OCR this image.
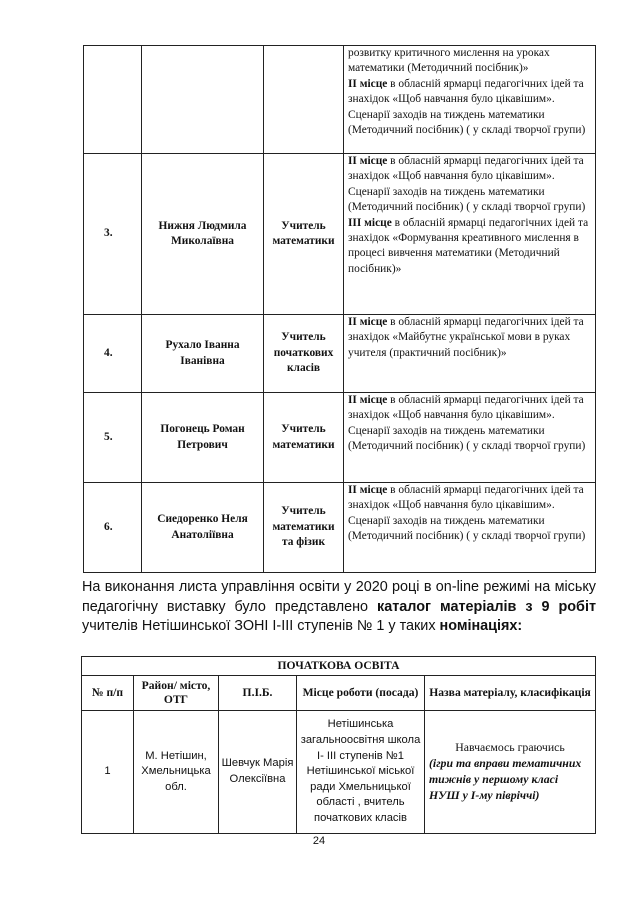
			розвитку критичного мислення на уроках математики (Методичний посібник)»
ІІ місце в обласній ярмарці педагогічних ідей та знахідок «Щоб навчання було цікавішим». Сценарії заходів на тиждень математики (Методичний посібник) ( у складі творчої групи)

3.	Нижня Людмила Миколаївна	Учитель математики	ІІ місце в обласній ярмарці педагогічних ідей та знахідок «Щоб навчання було цікавішим». Сценарії заходів на тиждень математики (Методичний посібник) ( у складі творчої групи)
ІІІ місце в обласній ярмарці педагогічних ідей та знахідок «Формування креативного мислення в процесі вивчення математики (Методичний посібник)»

4.	Рухало Іванна Іванівна	Учитель початкових класів	ІІ місце в обласній ярмарці педагогічних ідей та знахідок «Майбутнє української мови в руках учителя (практичний посібник)»

5.	Погонець Роман Петрович	Учитель математики	ІІ місце в обласній ярмарці педагогічних ідей та знахідок «Щоб навчання було цікавішим». Сценарії заходів на тиждень математики (Методичний посібник) ( у складі творчої групи)

6.	Сиедоренко Неля Анатоліївна	Учитель математики та фізик	ІІ місце в обласній ярмарці педагогічних ідей та знахідок «Щоб навчання було цікавішим». Сценарії заходів на тиждень математики (Методичний посібник) ( у складі творчої групи)

На виконання листа управління освіти у 2020 році в on-line режимі на міську педагогічну виставку було представлено каталог матеріалів з 9 робіт учителів Нетішинської ЗОНІ І-ІІІ ступенів № 1 у таких номінаціях:

ПОЧАТКОВА ОСВІТА				
№ п/п	Район/ місто, ОТГ	П.І.Б.	Місце роботи (посада)	Назва матеріалу, класифікація
1	М. Нетішин, Хмельницька обл.	Шевчук Марія Олексіївна	Нетішинська загальноосвітня школа І- ІІІ ступенів №1 Нетішинської міської ради Хмельницької області , вчитель початкових класів	Навчаємось граючись
(ігри та вправи тематичних тижнів у першому класі НУШ у І-му півріччі)
24
